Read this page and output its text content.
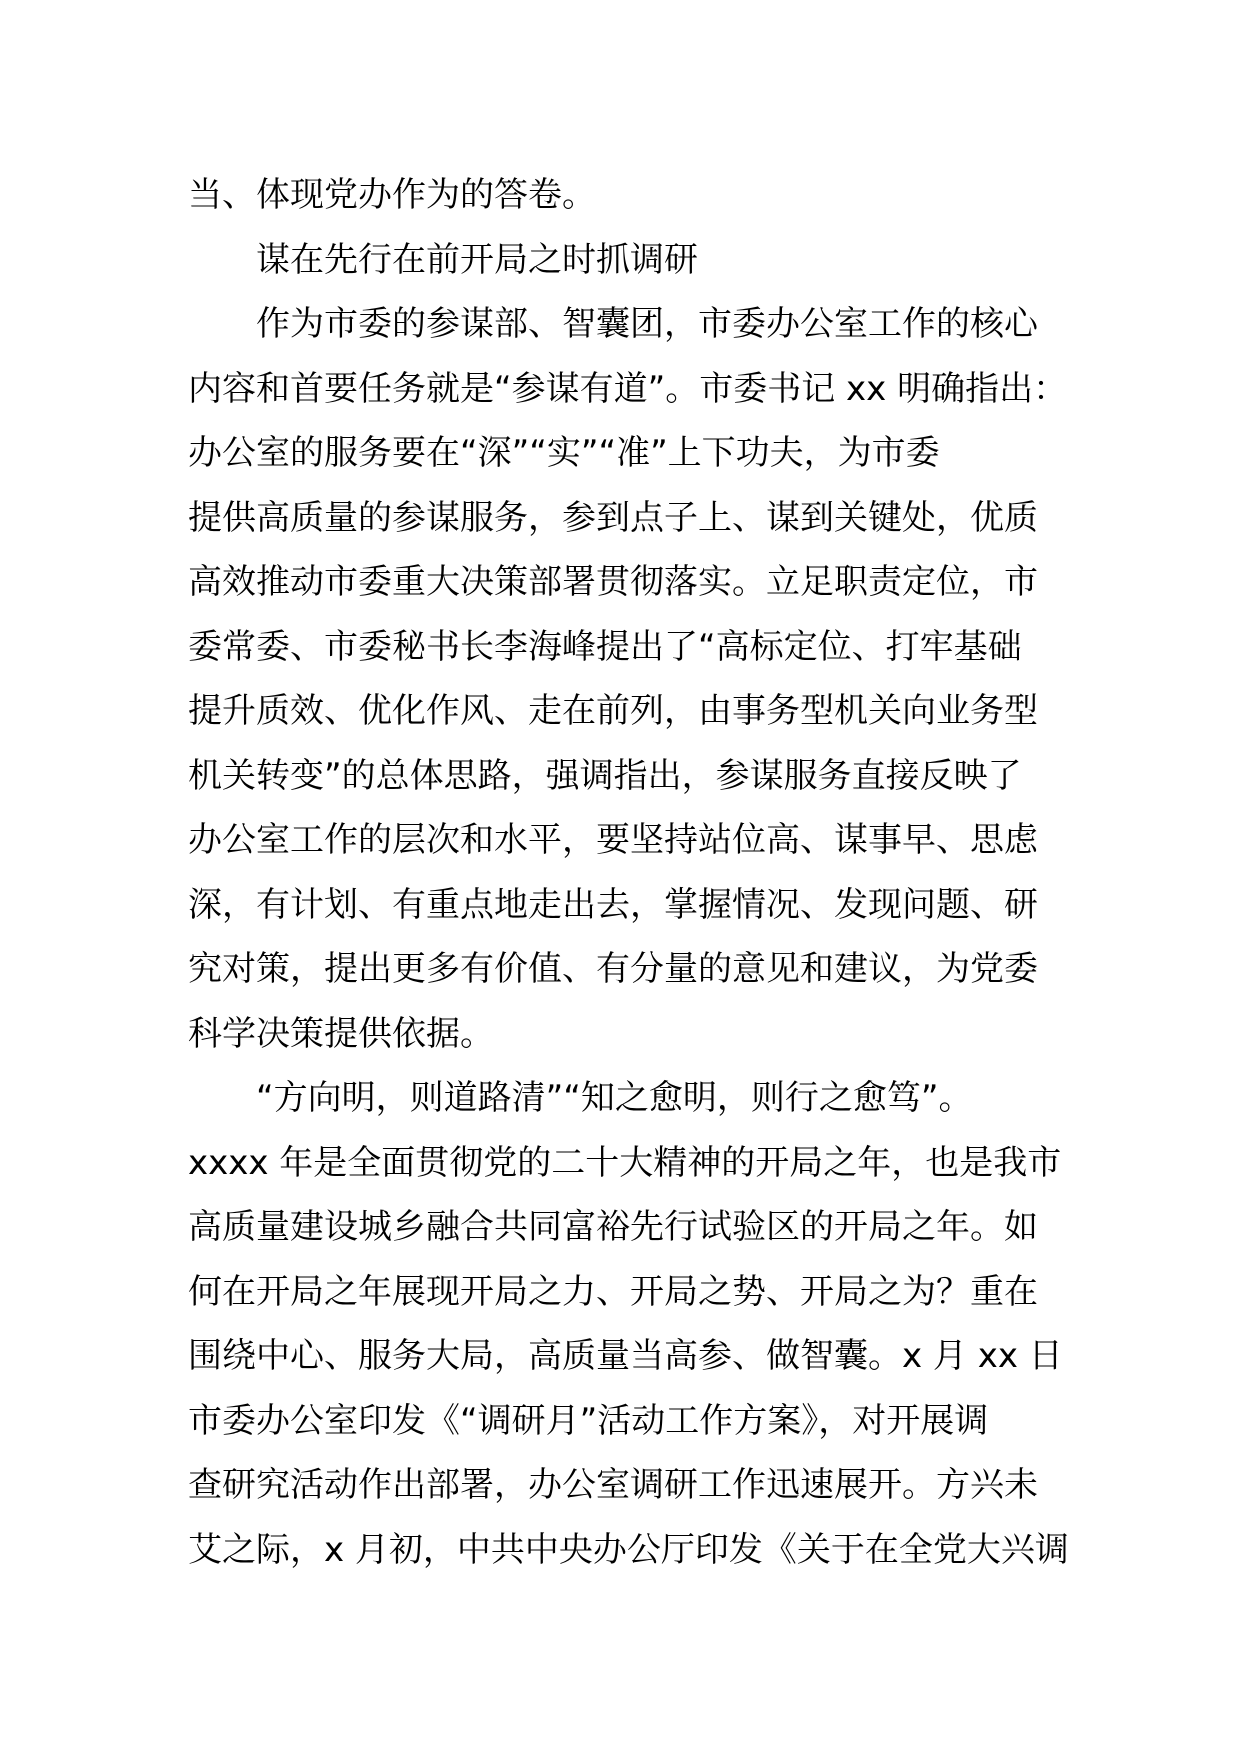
当、体现党办作为的答卷。
谋在先行在前开局之时抓调研
作为市委的参谋部、智囊团，市委办公室工作的核心
内容和首要任务就是“参谋有道”。市委书记 xx 明确指出：
办公室的服务要在“深”“实”“准”上下功夫，为市委
提供高质量的参谋服务，参到点子上、谋到关键处，优质
高效推动市委重大决策部署贯彻落实。立足职责定位，市
委常委、市委秘书长李海峰提出了“高标定位、打牢基础
提升质效、优化作风、走在前列，由事务型机关向业务型
机关转变”的总体思路，强调指出，参谋服务直接反映了
办公室工作的层次和水平，要坚持站位高、谋事早、思虑
深，有计划、有重点地走出去，掌握情况、发现问题、研
究对策，提出更多有价值、有分量的意见和建议，为党委
科学决策提供依据。
“方向明，则道路清”“知之愈明，则行之愈笃”。
xxxx 年是全面贯彻党的二十大精神的开局之年，也是我市
高质量建设城乡融合共同富裕先行试验区的开局之年。如
何在开局之年展现开局之力、开局之势、开局之为？重在
围绕中心、服务大局，高质量当高参、做智囊。x 月 xx 日
市委办公室印发《“调研月”活动工作方案》，对开展调
查研究活动作出部署，办公室调研工作迅速展开。方兴未
艾之际，x 月初，中共中央办公厅印发《关于在全党大兴调
